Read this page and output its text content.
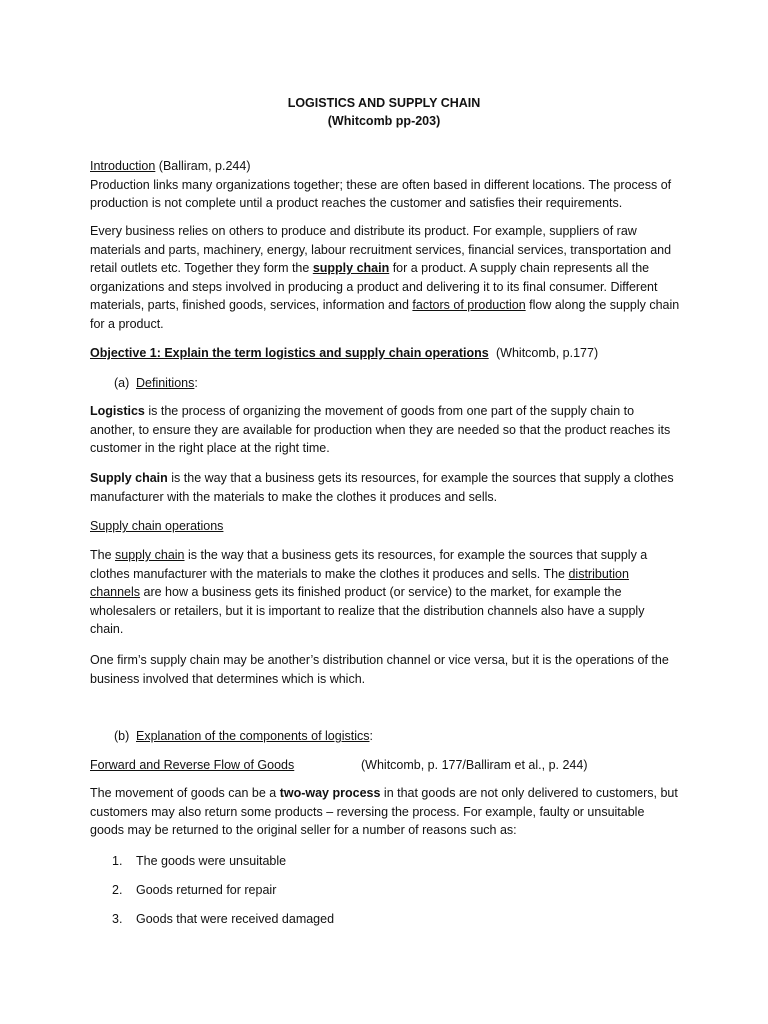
LOGISTICS AND SUPPLY CHAIN
(Whitcomb pp-203)

Introduction (Balliram, p.244)
Production links many organizations together; these are often based in different locations. The process of production is not complete until a product reaches the customer and satisfies their requirements.

Every business relies on others to produce and distribute its product. For example, suppliers of raw materials and parts, machinery, energy, labour recruitment services, financial services, transportation and retail outlets etc. Together they form the supply chain for a product. A supply chain represents all the organizations and steps involved in producing a product and delivering it to its final consumer. Different materials, parts, finished goods, services, information and factors of production flow along the supply chain for a product.

Objective 1: Explain the term logistics and supply chain operations (Whitcomb, p.177)
(a) Definitions:

Logistics is the process of organizing the movement of goods from one part of the supply chain to another, to ensure they are available for production when they are needed so that the product reaches its customer in the right place at the right time.

Supply chain is the way that a business gets its resources, for example the sources that supply a clothes manufacturer with the materials to make the clothes it produces and sells.

Supply chain operations

The supply chain is the way that a business gets its resources, for example the sources that supply a clothes manufacturer with the materials to make the clothes it produces and sells. The distribution channels are how a business gets its finished product (or service) to the market, for example the wholesalers or retailers, but it is important to realize that the distribution channels also have a supply chain.

One firm’s supply chain may be another’s distribution channel or vice versa, but it is the operations of the business involved that determines which is which.

(b) Explanation of the components of logistics:
Forward and Reverse Flow of Goods	(Whitcomb, p. 177/Balliram et al., p. 244)

The movement of goods can be a two-way process in that goods are not only delivered to customers, but customers may also return some products – reversing the process. For example, faulty or unsuitable goods may be returned to the original seller for a number of reasons such as:

1. The goods were unsuitable
2. Goods returned for repair
3. Goods that were received damaged
